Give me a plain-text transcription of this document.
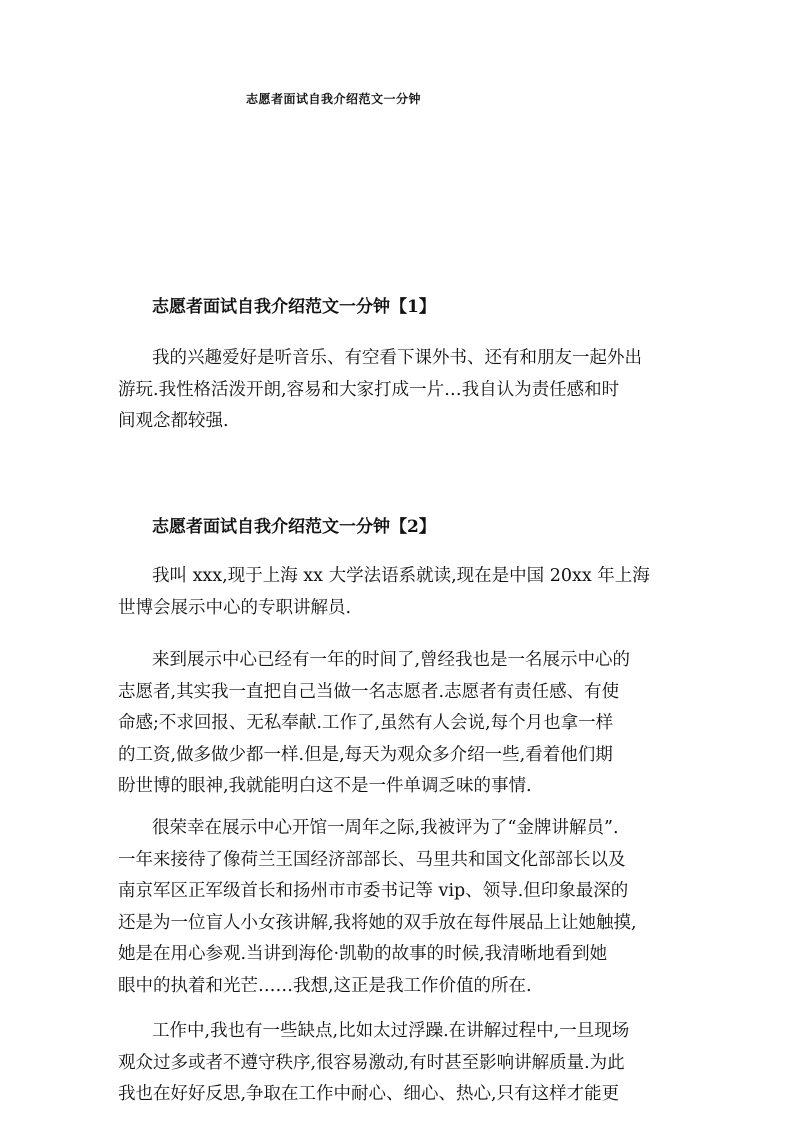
志愿者面试自我介绍范文一分钟
志愿者面试自我介绍范文一分钟【1】
我的兴趣爱好是听音乐、有空看下课外书、还有和朋友一起外出
游玩.我性格活泼开朗,容易和大家打成一片…我自认为责任感和时
间观念都较强.
志愿者面试自我介绍范文一分钟【2】
我叫 xxx,现于上海 xx 大学法语系就读,现在是中国 20xx 年上海
世博会展示中心的专职讲解员.
来到展示中心已经有一年的时间了,曾经我也是一名展示中心的
志愿者,其实我一直把自己当做一名志愿者.志愿者有责任感、有使
命感;不求回报、无私奉献.工作了,虽然有人会说,每个月也拿一样
的工资,做多做少都一样.但是,每天为观众多介绍一些,看着他们期
盼世博的眼神,我就能明白这不是一件单调乏味的事情.
很荣幸在展示中心开馆一周年之际,我被评为了“金牌讲解员”.
一年来接待了像荷兰王国经济部部长、马里共和国文化部部长以及
南京军区正军级首长和扬州市市委书记等 vip、领导.但印象最深的
还是为一位盲人小女孩讲解,我将她的双手放在每件展品上让她触摸,
她是在用心参观.当讲到海伦·凯勒的故事的时候,我清晰地看到她
眼中的执着和光芒……我想,这正是我工作价值的所在.
工作中,我也有一些缺点,比如太过浮躁.在讲解过程中,一旦现场
观众过多或者不遵守秩序,很容易激动,有时甚至影响讲解质量.为此
我也在好好反思,争取在工作中耐心、细心、热心,只有这样才能更
